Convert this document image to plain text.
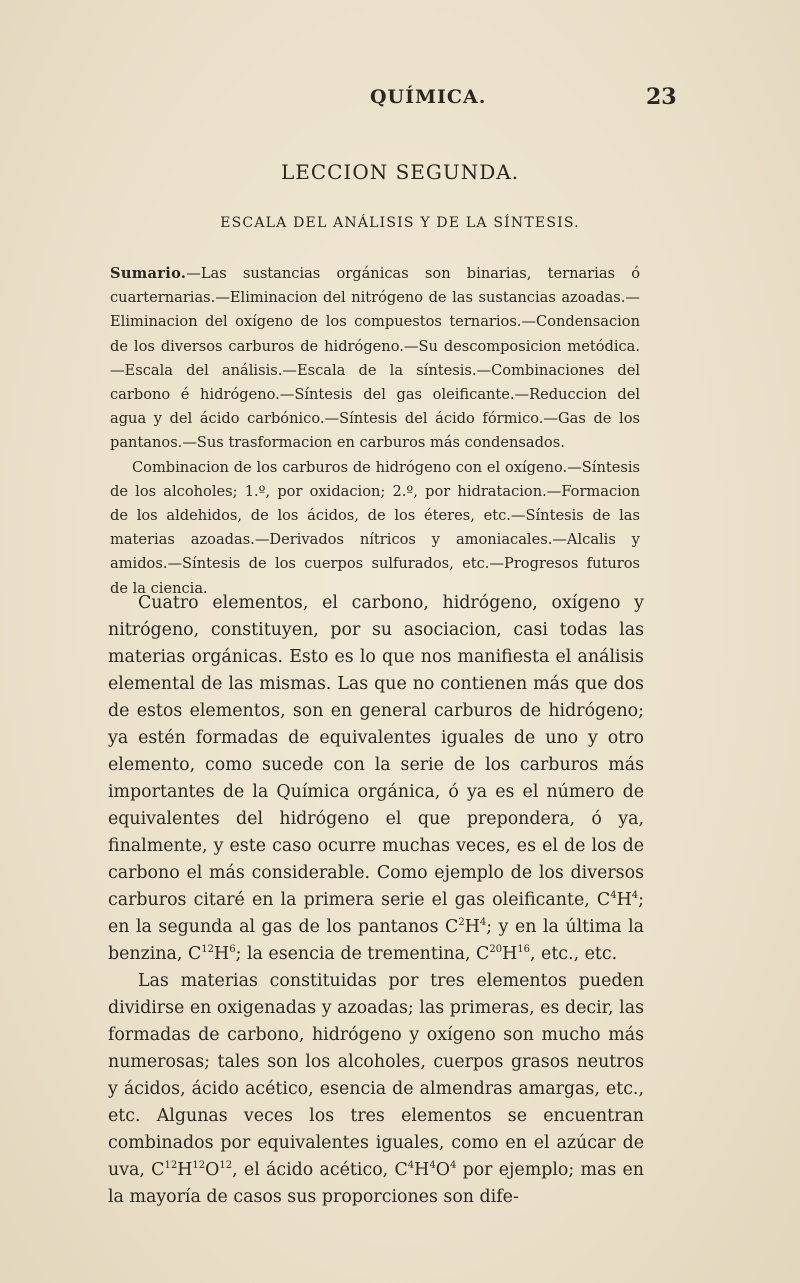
QUÍMICA.	23
LECCION SEGUNDA.
ESCALA DEL ANÁLISIS Y DE LA SÍNTESIS.

Sumario.—Las sustancias orgánicas son binarias, ternarias ó cuarternarias.—Eliminacion del nitrógeno de las sustancias azoadas.—Eliminacion del oxígeno de los compuestos ternarios.—Condensacion de los diversos carburos de hidrógeno.—Su descomposicion metódica.—Escala del análisis.—Escala de la síntesis.—Combinaciones del carbono é hidrógeno.—Síntesis del gas oleificante.—Reduccion del agua y del ácido carbónico.—Síntesis del ácido fórmico.—Gas de los pantanos.—Sus trasformacion en carburos más condensados.

Combinacion de los carburos de hidrógeno con el oxígeno.—Síntesis de los alcoholes; 1.º, por oxidacion; 2.º, por hidratacion.—Formacion de los aldehidos, de los ácidos, de los éteres, etc.—Síntesis de las materias azoadas.—Derivados nítricos y amoniacales.—Alcalis y amidos.—Síntesis de los cuerpos sulfurados, etc.—Progresos futuros de la ciencia.

Cuatro elementos, el carbono, hidrógeno, oxígeno y nitrógeno, constituyen, por su asociacion, casi todas las materias orgánicas. Esto es lo que nos manifiesta el análisis elemental de las mismas. Las que no contienen más que dos de estos elementos, son en general carburos de hidrógeno; ya estén formadas de equivalentes iguales de uno y otro elemento, como sucede con la serie de los carburos más importantes de la Química orgánica, ó ya es el número de equivalentes del hidrógeno el que prepondera, ó ya, finalmente, y este caso ocurre muchas veces, es el de los de carbono el más considerable. Como ejemplo de los diversos carburos citaré en la primera serie el gas oleificante, $C^4H^4$; en la segunda al gas de los pantanos $C^2H^4$; y en la última la benzina, $C^{12}H^6$; la esencia de trementina, $C^{20}H^{16}$, etc., etc.

Las materias constituidas por tres elementos pueden dividirse en oxigenadas y azoadas; las primeras, es decir, las formadas de carbono, hidrógeno y oxígeno son mucho más numerosas; tales son los alcoholes, cuerpos grasos neutros y ácidos, ácido acético, esencia de almendras amargas, etc., etc. Algunas veces los tres elementos se encuentran combinados por equivalentes iguales, como en el azúcar de uva, $C^{12}H^{12}O^{12}$, el ácido acético, $C^4H^4O^4$ por ejemplo; mas en la mayoría de casos sus proporciones son dife-
